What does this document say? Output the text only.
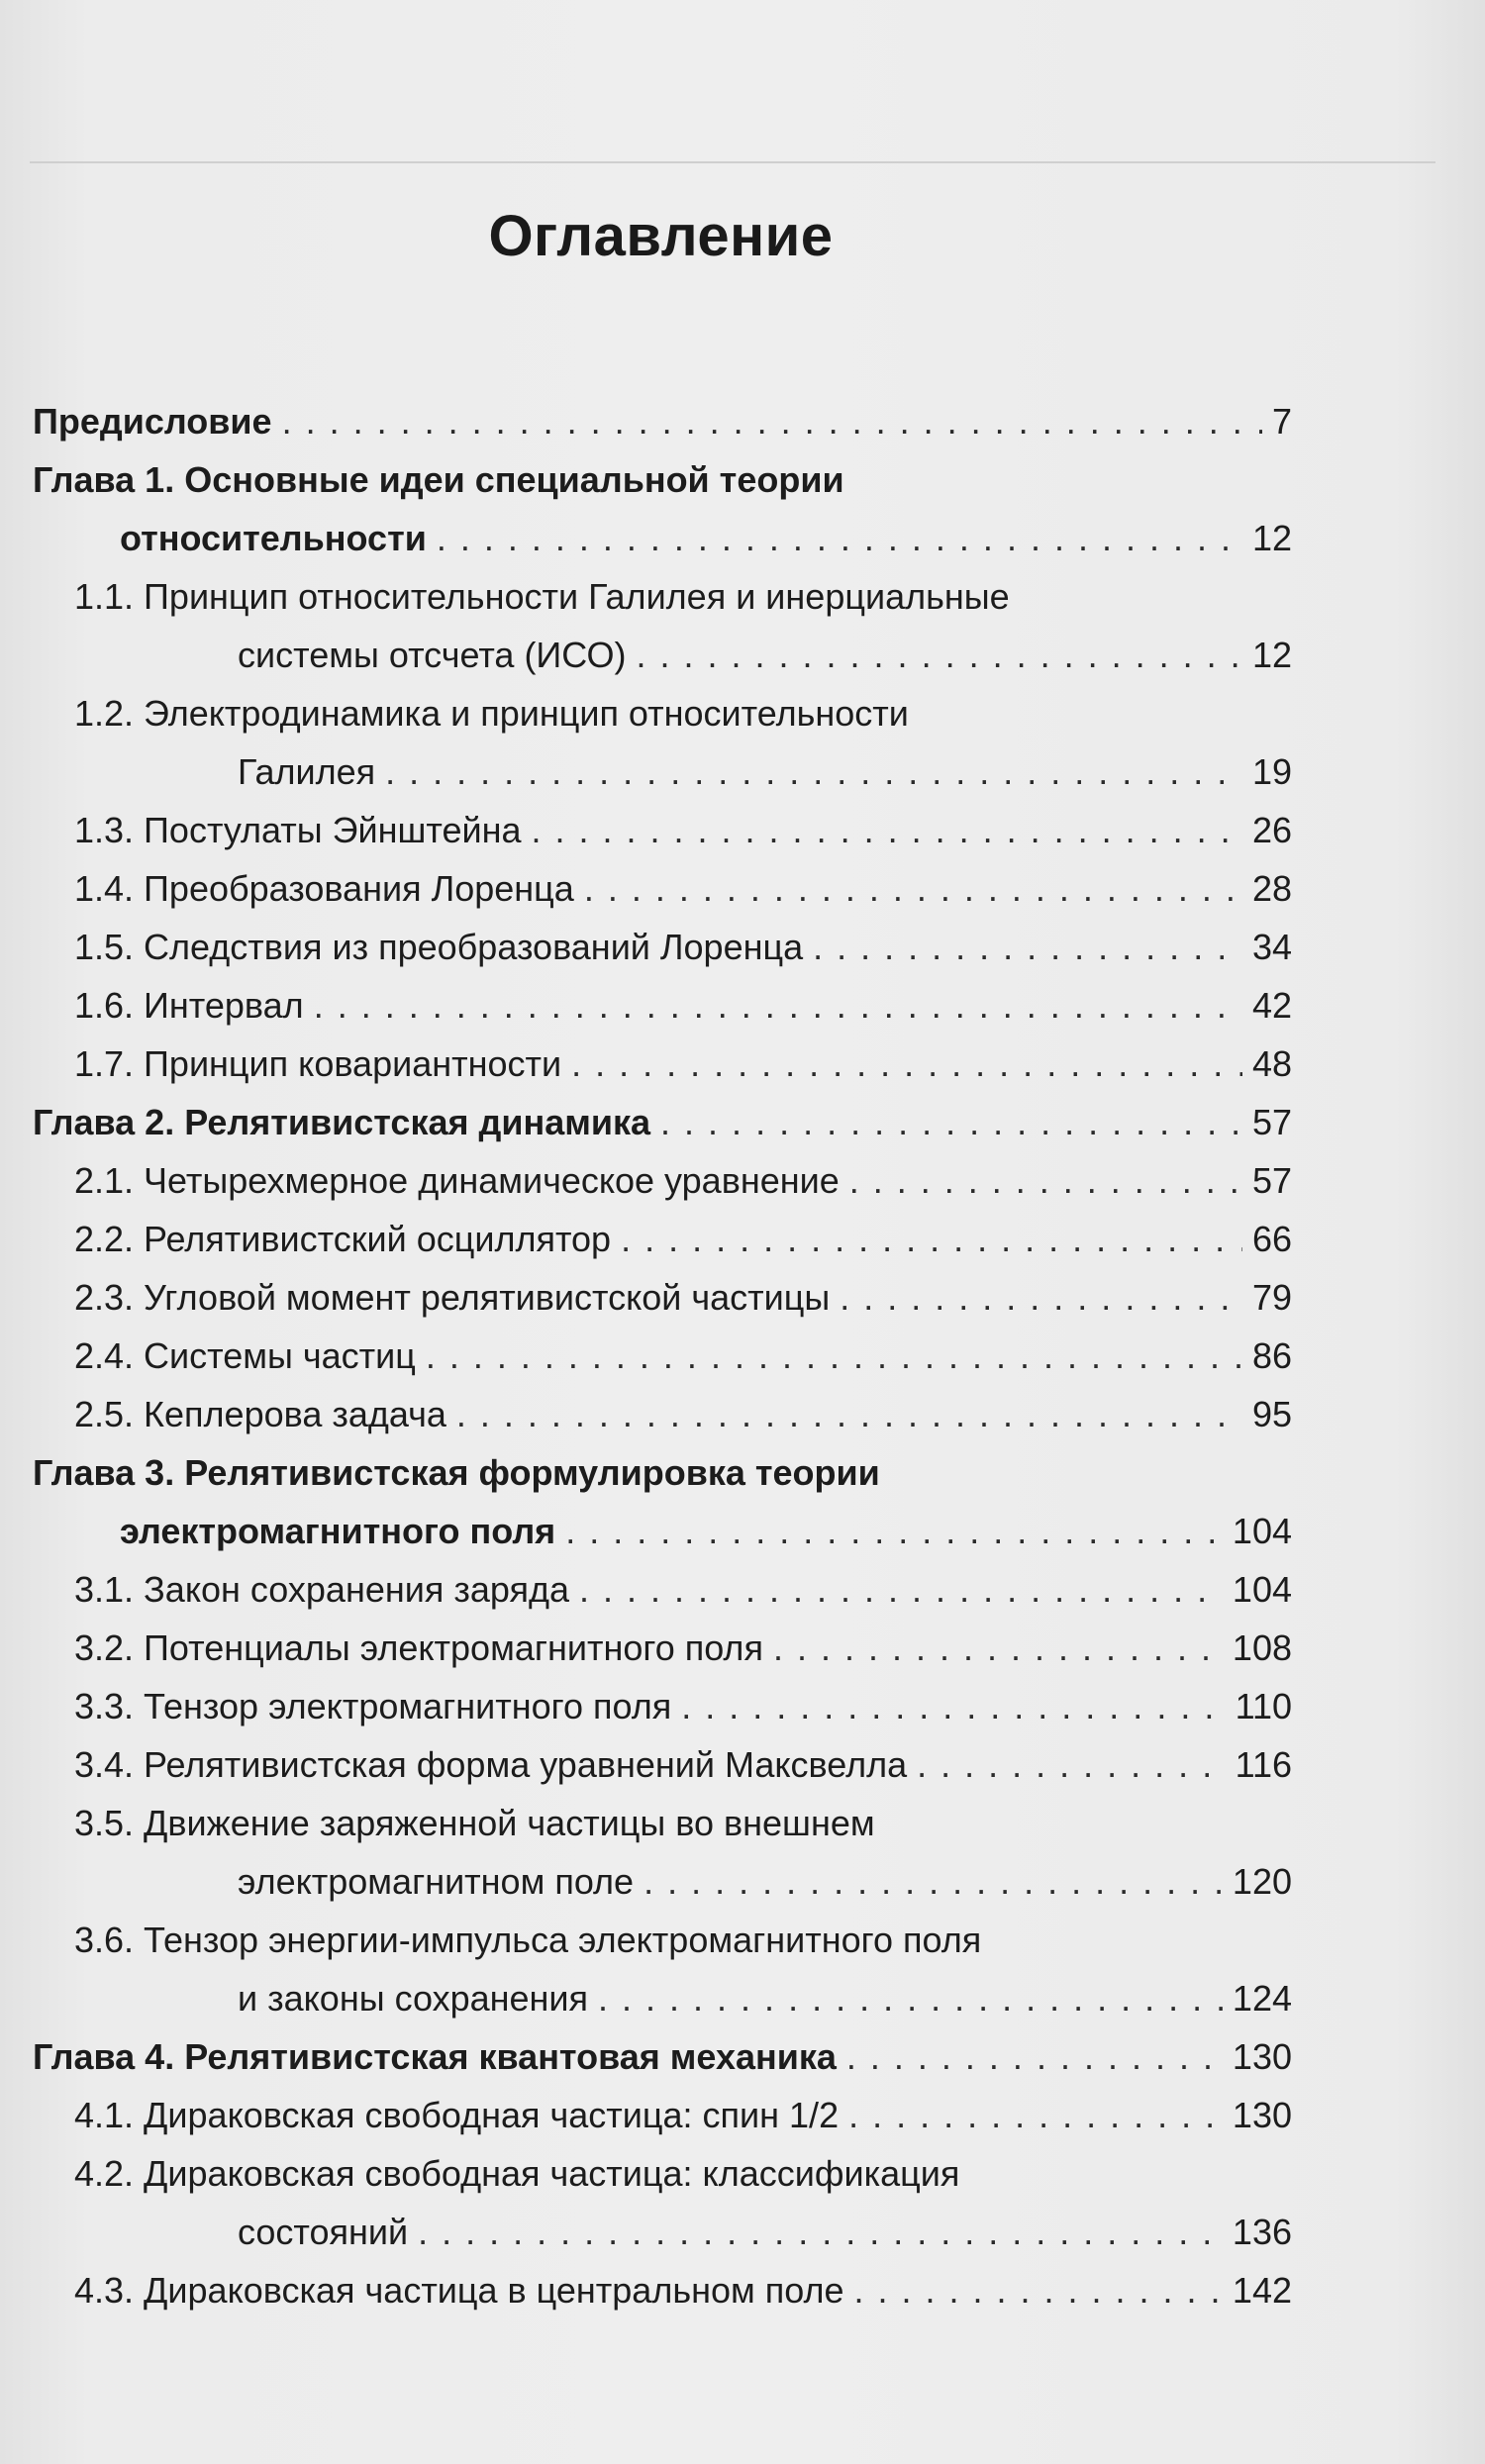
Оглавление
Предисловие . . .	7
Глава 1. Основные идеи специальной теории
относительности . . .	12
1.1. Принцип относительности Галилея и инерциальные
системы отсчета (ИСО) . . .	12
1.2. Электродинамика и принцип относительности
Галилея . . .	19
1.3. Постулаты Эйнштейна . . .	26
1.4. Преобразования Лоренца . . .	28
1.5. Следствия из преобразований Лоренца . . .	34
1.6. Интервал . . .	42
1.7. Принцип ковариантности . . .	48
Глава 2. Релятивистская динамика . . .	57
2.1. Четырехмерное динамическое уравнение . . .	57
2.2. Релятивистский осциллятор . . .	66
2.3. Угловой момент релятивистской частицы . . .	79
2.4. Системы частиц . . .	86
2.5. Кеплерова задача . . .	95
Глава 3. Релятивистская формулировка теории
электромагнитного поля . . .	104
3.1. Закон сохранения заряда . . .	104
3.2. Потенциалы электромагнитного поля . . .	108
3.3. Тензор электромагнитного поля . . .	110
3.4. Релятивистская форма уравнений Максвелла . . .	116
3.5. Движение заряженной частицы во внешнем
электромагнитном поле . . .	120
3.6. Тензор энергии-импульса электромагнитного поля
и законы сохранения . . .	124
Глава 4. Релятивистская квантовая механика . . .	130
4.1. Дираковская свободная частица: спин 1/2 . . .	130
4.2. Дираковская свободная частица: классификация
состояний . . .	136
4.3. Дираковская частица в центральном поле . . .	142
